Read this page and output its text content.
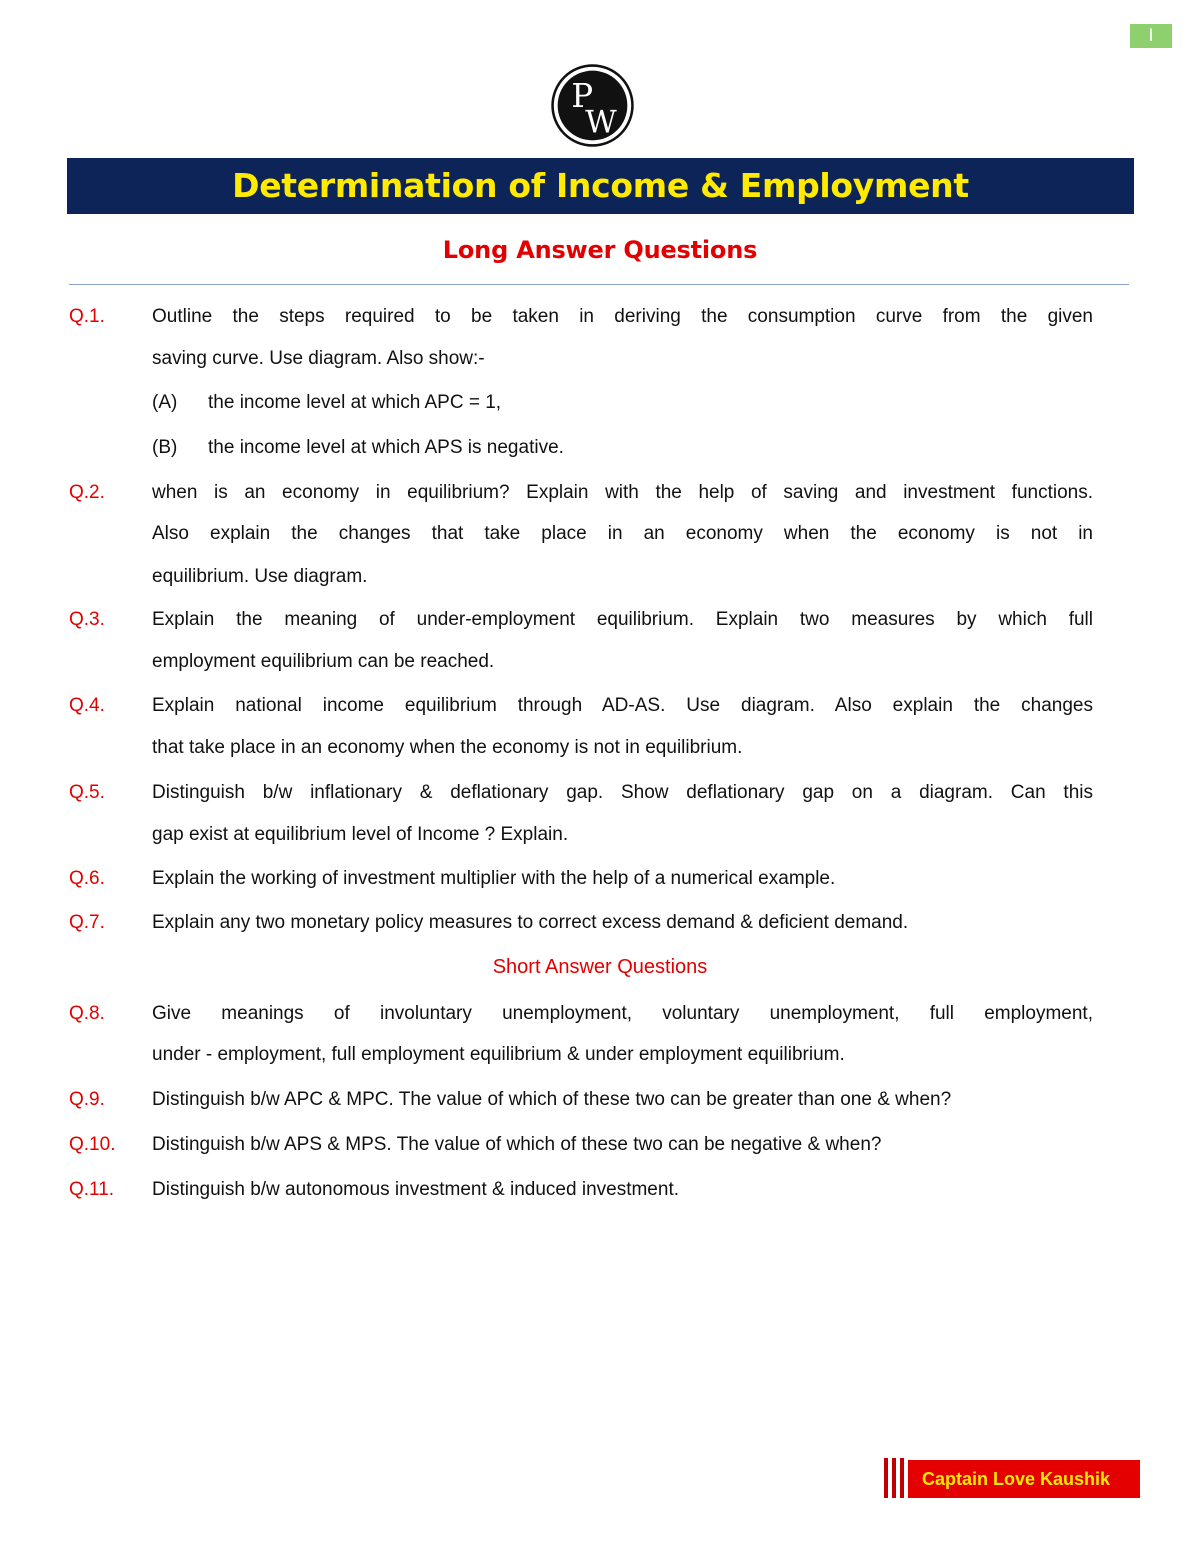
I
P
W
Determination of Income & Employment
Long Answer Questions
Q.1. Outline the steps required to be taken in deriving the consumption curve from the given
saving curve. Use diagram. Also show:-
(A) the income level at which APC = 1,
(B) the income level at which APS is negative.
Q.2. when is an economy in equilibrium? Explain with the help of saving and investment functions.
Also explain the changes that take place in an economy when the economy is not in
equilibrium. Use diagram.
Q.3. Explain the meaning of under-employment equilibrium. Explain two measures by which full
employment equilibrium can be reached.
Q.4. Explain national income equilibrium through AD-AS. Use diagram. Also explain the changes
that take place in an economy when the economy is not in equilibrium.
Q.5. Distinguish b/w inflationary & deflationary gap. Show deflationary gap on a diagram. Can this
gap exist at equilibrium level of Income ? Explain.
Q.6. Explain the working of investment multiplier with the help of a numerical example.
Q.7. Explain any two monetary policy measures to correct excess demand & deficient demand.
Q.8. Give meanings of involuntary unemployment, voluntary unemployment, full employment,
under - employment, full employment equilibrium & under employment equilibrium.
Q.9. Distinguish b/w APC & MPC. The value of which of these two can be greater than one & when?
Q.10. Distinguish b/w APS & MPS. The value of which of these two can be negative & when?
Q.11. Distinguish b/w autonomous investment & induced investment.
Short Answer Questions
Captain Love Kaushik
